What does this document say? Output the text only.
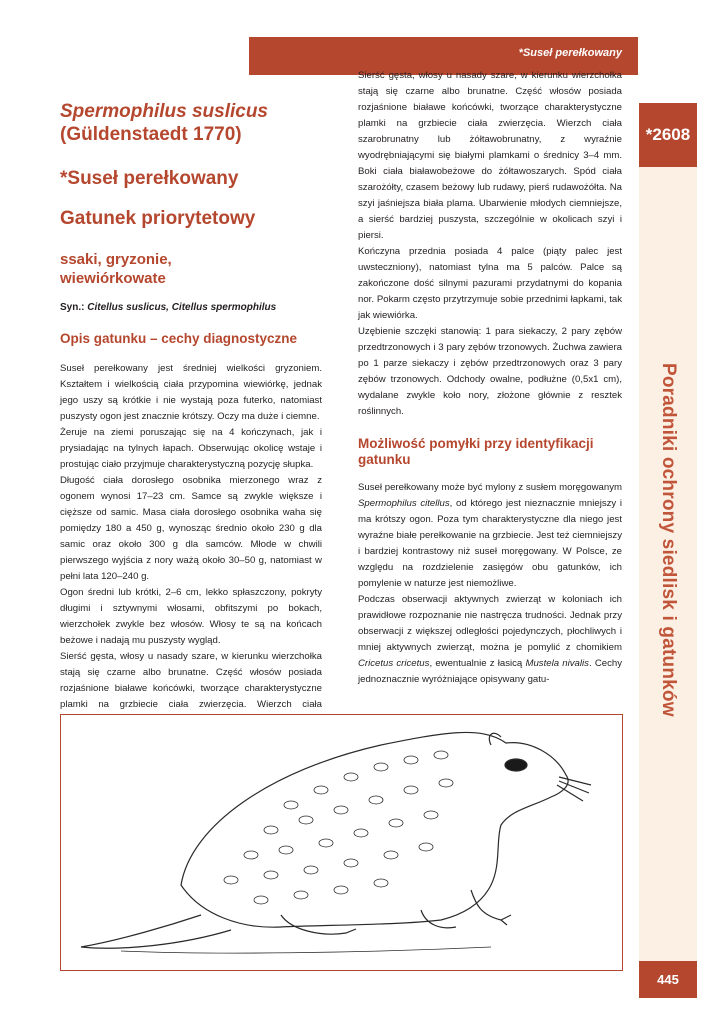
*Suseł perełkowany
*2608
Poradniki ochrony siedlisk i gatunków
445
Spermophilus suslicus
(Güldenstaedt 1770)
*Suseł perełkowany
Gatunek priorytetowy
ssaki, gryzonie,
wiewiórkowate
Syn.: Citellus suslicus, Citellus spermophilus
Opis gatunku – cechy diagnostyczne

Suseł perełkowany jest średniej wielkości gryzoniem. Kształtem i wielkością ciała przypomina wiewiórkę, jednak jego uszy są krótkie i nie wystają poza futerko, natomiast puszysty ogon jest znacznie krótszy. Oczy ma duże i ciemne.

Żeruje na ziemi poruszając się na 4 kończynach, jak i prysiadając na tylnych łapach. Obserwując okolicę wstaje i prostując ciało przyjmuje charakterystyczną pozycję słupka.

Długość ciała dorosłego osobnika mierzonego wraz z ogonem wynosi 17–23 cm. Samce są zwykle większe i cięższe od samic. Masa ciała dorosłego osobnika waha się pomiędzy 180 a 450 g, wynosząc średnio około 230 g dla samic oraz około 300 g dla samców. Młode w chwili pierwszego wyjścia z nory ważą około 30–50 g, natomiast w pełni lata 120–240 g.

Ogon średni lub krótki, 2–6 cm, lekko spłaszczony, pokryty długimi i sztywnymi włosami, obfitszymi po bokach, wierzchołek zwykle bez włosów. Włosy te są na końcach beżowe i nadają mu puszysty wygląd.

Sierść gęsta, włosy u nasady szare, w kierunku wierzchołka stają się czarne albo brunatne. Część włosów posiada rozjaśnione białawe końcówki, tworzące charakterystyczne plamki na grzbiecie ciała zwierzęcia. Wierzch ciała

Sierść gęsta, włosy u nasady szare, w kierunku wierzchołka stają się czarne albo brunatne. Część włosów posiada rozjaśnione białawe końcówki, tworzące charakterystyczne plamki na grzbiecie ciała zwierzęcia. Wierzch ciała szarobrunatny lub żółtawobrunatny, z wyraźnie wyodrębniającymi się białymi plamkami o średnicy 3–4 mm. Boki ciała białawobeżowe do żółtawoszarych. Spód ciała szarożółty, czasem beżowy lub rudawy, pierś rudawożółta. Na szyi jaśniejsza biała plama. Ubarwienie młodych ciemniejsze, a sierść bardziej puszysta, szczególnie w okolicach szyi i piersi.

Kończyna przednia posiada 4 palce (piąty palec jest uwsteczniony), natomiast tylna ma 5 palców. Palce są zakończone dość silnymi pazurami przydatnymi do kopania nor. Pokarm często przytrzymuje sobie przednimi łapkami, tak jak wiewiórka.

Uzębienie szczęki stanowią: 1 para siekaczy, 2 pary zębów przedtrzonowych i 3 pary zębów trzonowych. Żuchwa zawiera po 1 parze siekaczy i zębów przedtrzonowych oraz 3 pary zębów trzonowych. Odchody owalne, podłużne (0,5x1 cm), wydalane zwykle koło nory, złożone głównie z resztek roślinnych.

Możliwość pomyłki przy identyfikacji gatunku

Suseł perełkowany może być mylony z susłem moręgowanym Spermophilus citellus, od którego jest nieznacznie mniejszy i ma krótszy ogon. Poza tym charakterystyczne dla niego jest wyraźne białe perełkowanie na grzbiecie. Jest też ciemniejszy i bardziej kontrastowy niż suseł moręgowany. W Polsce, ze względu na rozdzielenie zasięgów obu gatunków, ich pomylenie w naturze jest niemożliwe.

Podczas obserwacji aktywnych zwierząt w koloniach ich prawidłowe rozpoznanie nie nastręcza trudności. Jednak przy obserwacji z większej odległości pojedynczych, płochliwych i mniej aktywnych zwierząt, można je pomylić z chomikiem Cricetus cricetus, ewentualnie z łasicą Mustela nivalis. Cechy jednoznacznie wyróżniające opisywany gatu-
